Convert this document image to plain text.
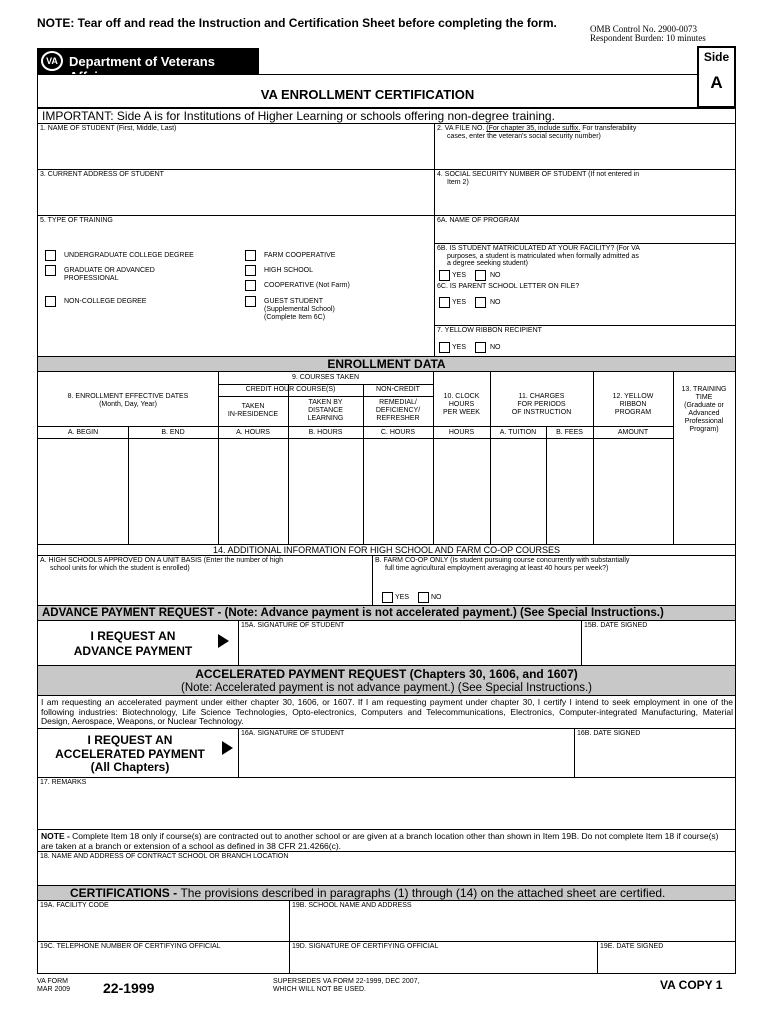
NOTE: Tear off and read the Instruction and Certification Sheet before completing the form.	OMB Control No. 2900-0073
Respondent Burden: 10 minutes
VA Department of Veterans Affairs
Side
A
VA ENROLLMENT CERTIFICATION
IMPORTANT: Side A is for Institutions of Higher Learning or schools offering non-degree training.
1. NAME OF STUDENT (First, Middle, Last)	2. VA FILE NO. (For chapter 35, include suffix. For transferability
cases, enter the veteran's social security number)
3. CURRENT ADDRESS OF STUDENT	4. SOCIAL SECURITY NUMBER OF STUDENT (If not entered in
Item 2)
5. TYPE OF TRAINING
UNDERGRADUATE COLLEGE DEGREE
GRADUATE OR ADVANCED
PROFESSIONAL
NON-COLLEGE DEGREE
FARM COOPERATIVE
HIGH SCHOOL
COOPERATIVE (Not Farm)
GUEST STUDENT
(Supplemental School)
(Complete Item 6C)
6A. NAME OF PROGRAM
6B. IS STUDENT MATRICULATED AT YOUR FACILITY? (For VA
purposes, a student is matriculated when formally admitted as
a degree seeking student)
YES	NO
6C. IS PARENT SCHOOL LETTER ON FILE?
YES	NO
7. YELLOW RIBBON RECIPIENT
YES	NO
ENROLLMENT DATA
8. ENROLLMENT EFFECTIVE DATES
(Month, Day, Year)
9. COURSES TAKEN
CREDIT HOUR COURSE(S)	NON-CREDIT
TAKEN
IN-RESIDENCE
TAKEN BY
DISTANCE
LEARNING
REMEDIAL/
DEFICIENCY/
REFRESHER
10. CLOCK
HOURS
PER WEEK
11. CHARGES
FOR PERIODS
OF INSTRUCTION
12. YELLOW
RIBBON
PROGRAM
13. TRAINING
TIME
(Graduate or
Advanced
Professional
Program)
A. BEGIN	B. END	A. HOURS	B. HOURS	C. HOURS	HOURS	A. TUITION	B. FEES	AMOUNT
14. ADDITIONAL INFORMATION FOR HIGH SCHOOL AND FARM CO-OP COURSES
A. HIGH SCHOOLS APPROVED ON A UNIT BASIS (Enter the number of high
school units for which the student is enrolled)
B. FARM CO-OP ONLY (Is student pursuing course concurrently with substantially
full time agricultural employment averaging at least 40 hours per week?)
YES	NO
ADVANCE PAYMENT REQUEST - (Note: Advance payment is not accelerated payment.) (See Special Instructions.)
I REQUEST AN
ADVANCE PAYMENT
15A. SIGNATURE OF STUDENT	15B. DATE SIGNED
ACCELERATED PAYMENT REQUEST (Chapters 30, 1606, and 1607)
(Note: Accelerated payment is not advance payment.) (See Special Instructions.)
I am requesting an accelerated payment under either chapter 30, 1606, or 1607. If I am requesting payment under chapter 30, I certify I intend to seek employment in one of the following industries: Biotechnology, Life Science Technologies, Opto-electronics, Computers and Telecommunications, Electronics, Computer-integrated Manufacturing, Material Design, Aerospace, Weapons, or Nuclear Technology.
I REQUEST AN
ACCELERATED PAYMENT
(All Chapters)
16A. SIGNATURE OF STUDENT	16B. DATE SIGNED
17. REMARKS
NOTE - Complete Item 18 only if course(s) are contracted out to another school or are given at a branch location other than shown in Item 19B. Do not complete Item 18 if course(s) are taken at a branch or extension of a school as defined in 38 CFR 21.4266(c).
18. NAME AND ADDRESS OF CONTRACT SCHOOL OR BRANCH LOCATION
CERTIFICATIONS - The provisions described in paragraphs (1) through (14) on the attached sheet are certified.
19A. FACILITY CODE	19B. SCHOOL NAME AND ADDRESS
19C. TELEPHONE NUMBER OF CERTIFYING OFFICIAL	19D. SIGNATURE OF CERTIFYING OFFICIAL	19E. DATE SIGNED
VA FORM
MAR 2009 22-1999	SUPERSEDES VA FORM 22-1999, DEC 2007,
WHICH WILL NOT BE USED.	VA COPY 1
